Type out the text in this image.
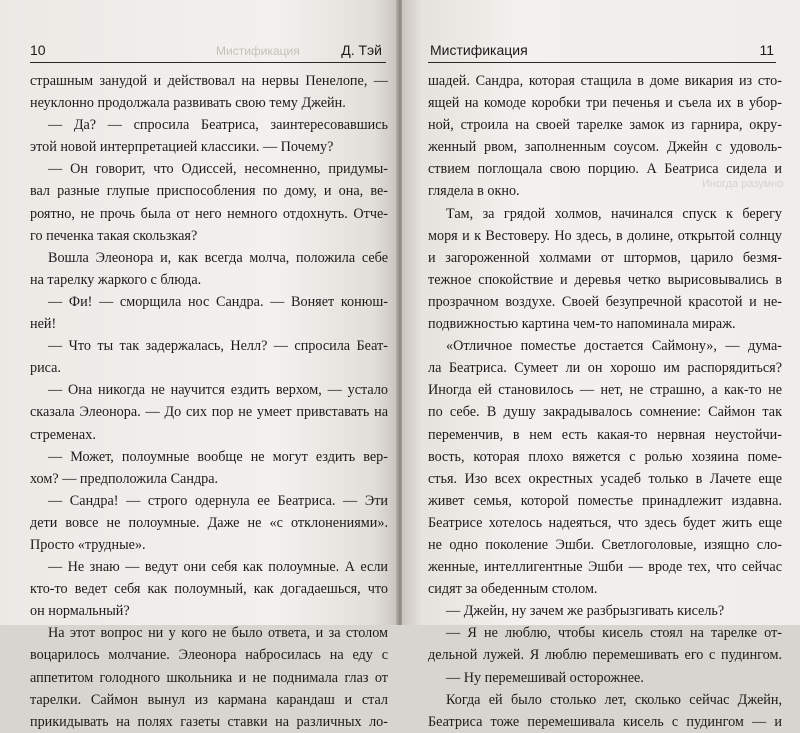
Мистификация
10	Д. Тэй
страшным занудой и действовал на нервы Пенелопе, —
неуклонно продолжала развивать свою тему Джейн.
— Да? — спросила Беатриса, заинтересовавшись
этой новой интерпретацией классики. — Почему?
— Он говорит, что Одиссей, несомненно, придумы-
вал разные глупые приспособления по дому, и она, ве-
роятно, не прочь была от него немного отдохнуть. Отче-
го печенка такая скользкая?
Вошла Элеонора и, как всегда молча, положила себе
на тарелку жаркого с блюда.
— Фи! — сморщила нос Сандра. — Воняет конюш-
ней!
— Что ты так задержалась, Нелл? — спросила Беат-
риса.
— Она никогда не научится ездить верхом, — устало
сказала Элеонора. — До сих пор не умеет привставать на
стременах.
— Может, полоумные вообще не могут ездить вер-
хом? — предположила Сандра.
— Сандра! — строго одернула ее Беатриса. — Эти
дети вовсе не полоумные. Даже не «с отклонениями».
Просто «трудные».
— Не знаю — ведут они себя как полоумные. А если
кто-то ведет себя как полоумный, как догадаешься, что
он нормальный?
На этот вопрос ни у кого не было ответа, и за столом
воцарилось молчание. Элеонора набросилась на еду с
аппетитом голодного школьника и не поднимала глаз от
тарелки. Саймон вынул из кармана карандаш и стал
прикидывать на полях газеты ставки на различных ло-
Иногда разумно
Мистификация	11
шадей. Сандра, которая стащила в доме викария из сто-
ящей на комоде коробки три печенья и съела их в убор-
ной, строила на своей тарелке замок из гарнира, окру-
женный рвом, заполненным соусом. Джейн с удоволь-
ствием поглощала свою порцию. А Беатриса сидела и
глядела в окно.
Там, за грядой холмов, начинался спуск к берегу
моря и к Вестоверу. Но здесь, в долине, открытой солнцу
и загороженной холмами от штормов, царило безмя-
тежное спокойствие и деревья четко вырисовывались в
прозрачном воздухе. Своей безупречной красотой и не-
подвижностью картина чем-то напоминала мираж.
«Отличное поместье достается Саймону», — дума-
ла Беатриса. Сумеет ли он хорошо им распорядиться?
Иногда ей становилось — нет, не страшно, а как-то не
по себе. В душу закрадывалось сомнение: Саймон так
переменчив, в нем есть какая-то нервная неустойчи-
вость, которая плохо вяжется с ролью хозяина поме-
стья. Изо всех окрестных усадеб только в Лачете еще
живет семья, которой поместье принадлежит издавна.
Беатрисе хотелось надеяться, что здесь будет жить еще
не одно поколение Эшби. Светлоголовые, изящно сло-
женные, интеллигентные Эшби — вроде тех, что сейчас
сидят за обеденным столом.
— Джейн, ну зачем же разбрызгивать кисель?
— Я не люблю, чтобы кисель стоял на тарелке от-
дельной лужей. Я люблю перемешивать его с пудингом.
— Ну перемешивай осторожнее.
Когда ей было столько лет, сколько сейчас Джейн,
Беатриса тоже перемешивала кисель с пудингом — и
